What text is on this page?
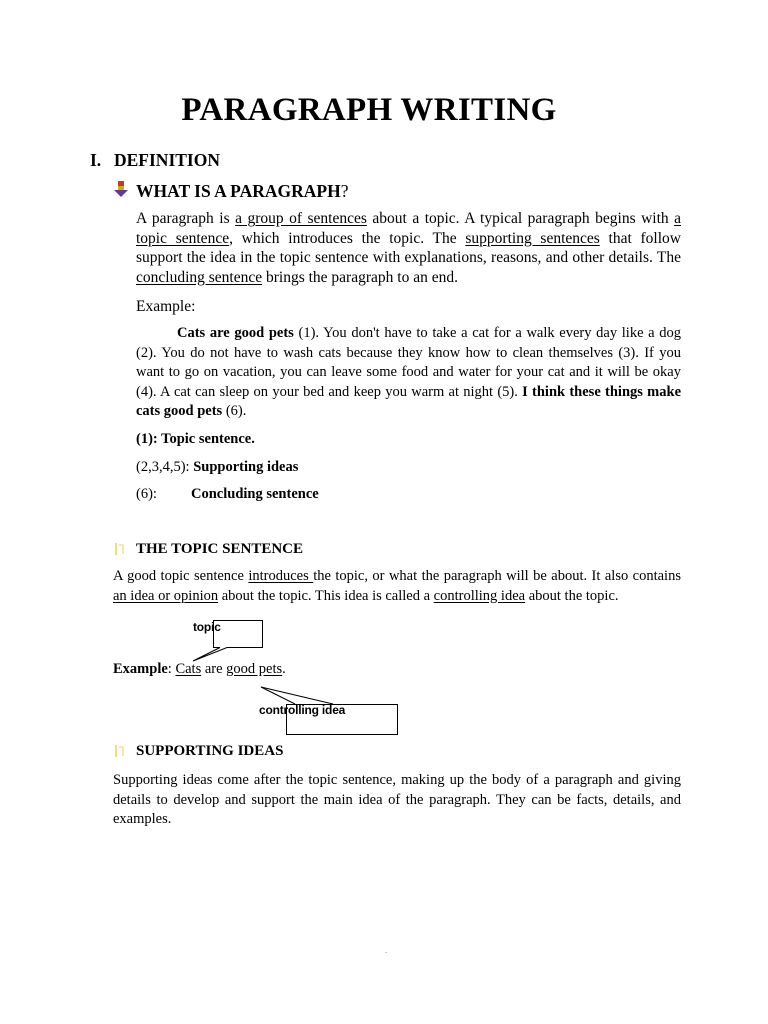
PARAGRAPH WRITING
I. DEFINITION
WHAT IS A PARAGRAPH?
A paragraph is a group of sentences about a topic. A typical paragraph begins with a topic sentence, which introduces the topic. The supporting sentences that follow support the idea in the topic sentence with explanations, reasons, and other details. The concluding sentence brings the paragraph to an end.
Example:
Cats are good pets (1). You don't have to take a cat for a walk every day like a dog (2). You do not have to wash cats because they know how to clean themselves (3). If you want to go on vacation, you can leave some food and water for your cat and it will be okay (4). A cat can sleep on your bed and keep you warm at night (5). I think these things make cats good pets (6).
(1): Topic sentence.
(2,3,4,5): Supporting ideas
(6): Concluding sentence
THE TOPIC SENTENCE
A good topic sentence introduces the topic, or what the paragraph will be about. It also contains an idea or opinion about the topic. This idea is called a controlling idea about the topic.
topic
Example: Cats are good pets.
controlling idea
SUPPORTING IDEAS
Supporting ideas come after the topic sentence, making up the body of a paragraph and giving details to develop and support the main idea of the paragraph. They can be facts, details, and examples.
.
